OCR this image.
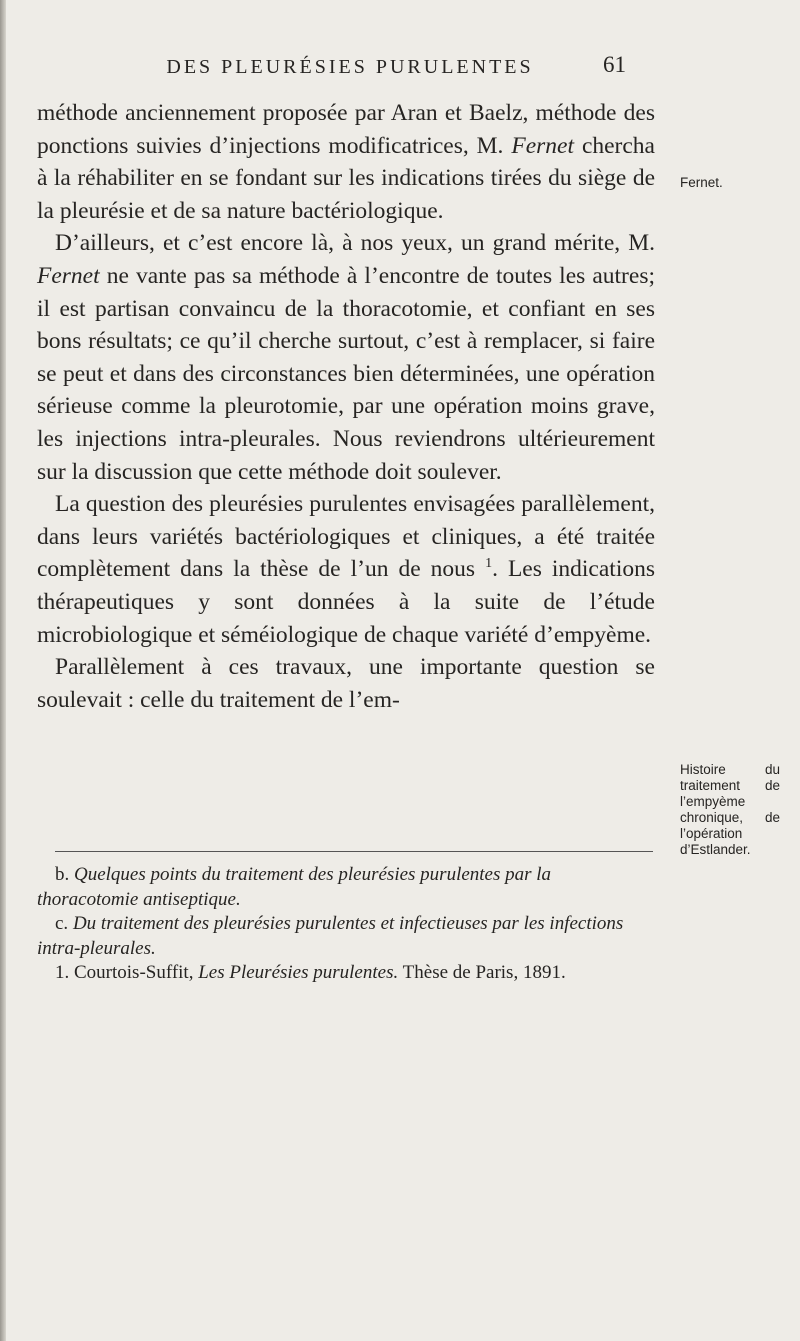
DES PLEURÉSIES PURULENTES	61

méthode anciennement proposée par Aran et Baelz, méthode des ponctions suivies d’injections modificatrices, M. Fernet chercha à la réhabiliter en se fondant sur les indications tirées du siège de la pleurésie et de sa nature bactériologique.

D’ailleurs, et c’est encore là, à nos yeux, un grand mérite, M. Fernet ne vante pas sa méthode à l’encontre de toutes les autres; il est partisan convaincu de la thoracotomie, et confiant en ses bons résultats; ce qu’il cherche surtout, c’est à remplacer, si faire se peut et dans des circonstances bien déterminées, une opération sérieuse comme la pleurotomie, par une opération moins grave, les injections intra-pleurales. Nous reviendrons ultérieurement sur la discussion que cette méthode doit soulever.

La question des pleurésies purulentes envisagées parallèlement, dans leurs variétés bactériologiques et cliniques, a été traitée complètement dans la thèse de l’un de nous $^1$. Les indications thérapeutiques y sont données à la suite de l’étude microbiologique et séméiologique de chaque variété d’empyème.

Parallèlement à ces travaux, une importante question se soulevait : celle du traitement de l’em-

b. Quelques points du traitement des pleurésies purulentes par la thoracotomie antiseptique.

c. Du traitement des pleurésies purulentes et infectieuses par les infections intra-pleurales.

1. Courtois-Suffit, Les Pleurésies purulentes. Thèse de Paris, 1891.

Fernet.
Histoire du traitement de l’empyème chronique, de l’opération d’Estlander.
